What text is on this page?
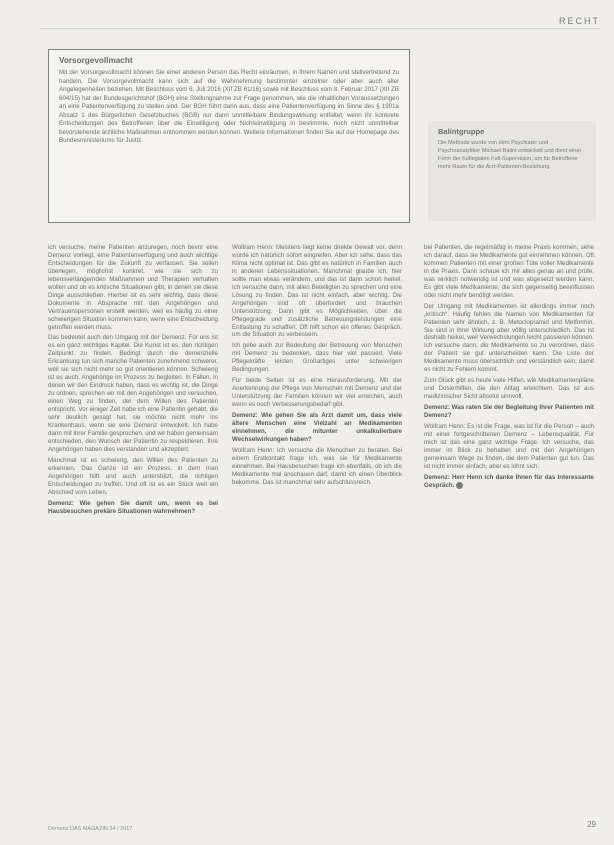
RECHT
Vorsorgevollmacht

Mit der Vorsorgevollmacht können Sie einer anderen Person das Recht einräumen, in Ihrem Namen und stellvertretend zu handeln. Die Vorsorgevollmacht kann sich auf die Wahrnehmung bestimmter einzelner oder aber auch aller Angelegenheiten beziehen. Mit Beschluss vom 6. Juli 2016 (XII ZB 61/16) sowie mit Beschluss vom 8. Februar 2017 (XII ZB 604/15) hat der Bundesgerichtshof (BGH) eine Stellungnahme zur Frage genommen, wie die inhaltlichen Voraussetzungen an eine Patientenverfügung zu stellen sind. Der BGH führt darin aus, dass eine Patientenverfügung im Sinne des § 1901a Absatz 1 des Bürgerlichen Gesetzbuches (BGB) nur dann unmittelbare Bindungswirkung entfaltet, wenn ihr konkrete Entscheidungen des Betroffenen über die Einwilligung oder Nichteinwilligung in bestimmte, noch nicht unmittelbar bevorstehende ärztliche Maßnahmen entnommen werden können. Weitere Informationen finden Sie auf der Homepage des Bundesministeriums für Justiz.

Balintgruppe

Die Methode wurde von dem Psychiater und Psychoanalytiker Michael Balint entwickelt und dient einer Form der Kollegialen Fall-Supervision, um für Betroffene mehr Raum für die Arzt-Patienten-Beziehung.

ich versuche, meine Patienten anzuregen, noch bevor eine Demenz vorliegt, eine Patientenverfügung und auch wichtige Entscheidungen für die Zukunft zu verfassen. Sie sollen überlegen, möglichst konkret, wie sie sich zu lebensverlängernden Maßnahmen und Therapien verhalten wollen und ob es kritische Situationen gibt, in denen sie diese Dinge ausschließen. Hierbei ist es sehr wichtig, dass diese Dokumente in Absprache mit den Angehörigen und Vertrauenspersonen erstellt werden, weil es häufig zu einer schwierigen Situation kommen kann, wenn eine Entscheidung getroffen werden muss.

Das bedeutet auch den Umgang mit der Demenz. Für uns ist es ein ganz wichtiges Kapitel. Die Kunst ist es, den richtigen Zeitpunkt zu finden. Bedingt durch die demenzielle Erkrankung tun sich manche Patienten zunehmend schwerer, weil sie sich nicht mehr so gut orientieren können. Schwierig ist es auch, Angehörige im Prozess zu begleiten. In Fällen, in denen wir den Eindruck haben, dass es wichtig ist, die Dinge zu ordnen, sprechen wir mit den Angehörigen und versuchen, einen Weg zu finden, der dem Willen des Patienten entspricht. Vor einiger Zeit habe ich eine Patientin gehabt, die sehr deutlich gesagt hat, sie möchte nicht mehr ins Krankenhaus, wenn sie eine Demenz entwickelt. Ich habe dann mit ihrer Familie gesprochen, und wir haben gemeinsam entschieden, den Wunsch der Patientin zu respektieren. Ihre Angehörigen haben dies verstanden und akzeptiert.

Manchmal ist es schwierig, den Willen des Patienten zu erkennen. Das Ganze ist ein Prozess, in dem man Angehörigen hilft und auch unterstützt, die richtigen Entscheidungen zu treffen. Und oft ist es ein Stück weit ein Abschied vom Leben.

Demenz: Wie gehen Sie damit um, wenn es bei Hausbesuchen prekäre Situationen wahrnehmen?

Wolfram Henn: Meistens liegt keine direkte Gewalt vor, denn würde ich natürlich sofort eingreifen. Aber ich sehe, dass das Klima nicht optimal ist. Das gibt es natürlich in Familien auch in anderen Lebenssituationen. Manchmal glaube ich, hier sollte man etwas verändern, und das ist dann schon heikel. Ich versuche dann, mit allen Beteiligten zu sprechen und eine Lösung zu finden. Das ist nicht einfach, aber wichtig. Die Angehörigen sind oft überfordert und brauchen Unterstützung. Dann gibt es Möglichkeiten, über die Pflegegrade und zusätzliche Betreuungsleistungen eine Entlastung zu schaffen. Oft hilft schon ein offenes Gespräch, um die Situation zu verbessern.

Ich gebe auch zur Bedeutung der Betreuung von Menschen mit Demenz zu bedenken, dass hier viel passiert. Viele Pflegekräfte leisten Großartiges unter schwierigen Bedingungen.

Für beide Seiten ist es eine Herausforderung. Mit der Anerkennung der Pflege von Menschen mit Demenz und der Unterstützung der Familien können wir viel erreichen, auch wenn es noch Verbesserungsbedarf gibt.

Demenz: Wie gehen Sie als Arzt damit um, dass viele ältere Menschen eine Vielzahl an Medikamenten einnehmen, die mitunter unkalkulierbare Wechselwirkungen haben?

Wolfram Henn: Ich versuche die Menschen zu beraten. Bei einem Erstkontakt frage ich, was sie für Medikamente einnehmen. Bei Hausbesuchen frage ich ebenfalls, ob ich die Medikamente mal anschauen darf, damit ich einen Überblick bekomme. Das ist manchmal sehr aufschlussreich.

bei Patienten, die regelmäßig in meine Praxis kommen, sehe ich darauf, dass sie Medikamente gut einnehmen können. Oft kommen Patienten mit einer großen Tüte voller Medikamente in die Praxis. Dann schaue ich mir alles genau an und prüfe, was wirklich notwendig ist und was abgesetzt werden kann. Es gibt viele Medikamente, die sich gegenseitig beeinflussen oder nicht mehr benötigt werden.

Der Umgang mit Medikamenten ist allerdings immer noch „kritisch“. Häufig fehlen die Namen von Medikamenten für Patienten sehr ähnlich, z. B. Metoclopramid und Metformin. Sie sind in ihrer Wirkung aber völlig unterschiedlich. Das ist deshalb heikel, weil Verwechslungen leicht passieren können. Ich versuche dann, die Medikamente so zu verordnen, dass der Patient sie gut unterscheiden kann. Die Liste der Medikamente muss übersichtlich und verständlich sein, damit es nicht zu Fehlern kommt.

Zum Glück gibt es heute viele Hilfen, wie Medikamentenpläne und Dosierhilfen, die den Alltag erleichtern. Das ist aus medizinischer Sicht absolut sinnvoll.

Demenz: Was raten Sie der Begleitung Ihrer Patienten mit Demenz?

Wolfram Henn: Es ist die Frage, was ist für die Person – auch mit einer fortgeschrittenen Demenz – Lebensqualität. Für mich ist das eine ganz wichtige Frage. Ich versuche, das immer im Blick zu behalten und mit den Angehörigen gemeinsam Wege zu finden, die dem Patienten gut tun. Das ist nicht immer einfach, aber es lohnt sich.

Demenz: Herr Henn ich danke Ihnen für das Interessante Gespräch.

Demenz DAS MAGAZIN 34 / 2017	29
